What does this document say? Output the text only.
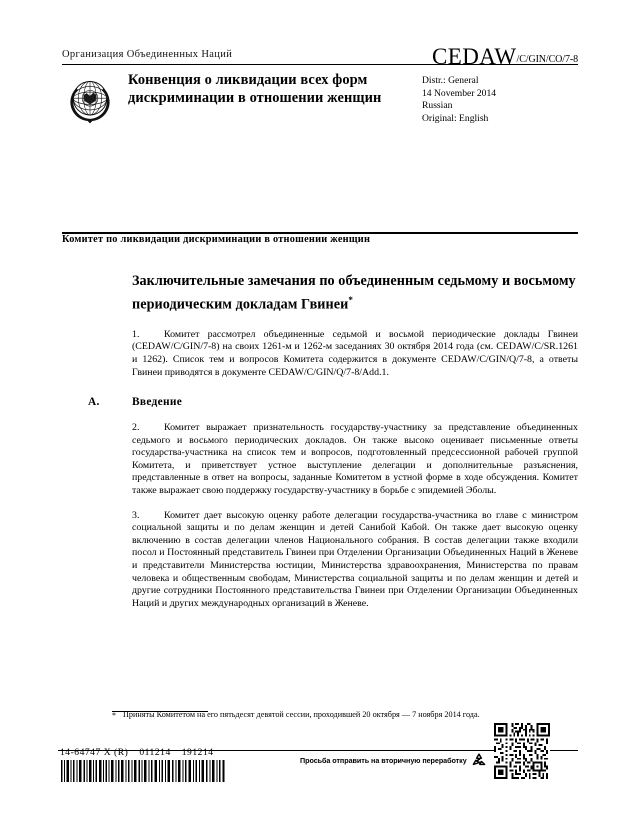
Организация Объединенных Наций	CEDAW/C/GIN/CO/7-8
Конвенция о ликвидации всех форм дискриминации в отношении женщин
Distr.: General
14 November 2014
Russian
Original: English
Комитет по ликвидации дискриминации в отношении женщин
Заключительные замечания по объединенным седьмому и восьмому периодическим докладам Гвинеи*

1. Комитет рассмотрел объединенные седьмой и восьмой периодические доклады Гвинеи (CEDAW/C/GIN/7-8) на своих 1261-м и 1262-м заседаниях 30 октября 2014 года (см. CEDAW/C/SR.1261 и 1262). Список тем и вопросов Комитета содержится в документе CEDAW/C/GIN/Q/7-8, а ответы Гвинеи приводятся в документе CEDAW/C/GIN/Q/7-8/Add.1.

A.	Введение

2. Комитет выражает признательность государству-участнику за представление объединенных седьмого и восьмого периодических докладов. Он также высоко оценивает письменные ответы государства-участника на список тем и вопросов, подготовленный предсессионной рабочей группой Комитета, и приветствует устное выступление делегации и дополнительные разъяснения, представленные в ответ на вопросы, заданные Комитетом в устной форме в ходе обсуждения. Комитет также выражает свою поддержку государству-участнику в борьбе с эпидемией Эболы.

3. Комитет дает высокую оценку работе делегации государства-участника во главе с министром социальной защиты и по делам женщин и детей Санибой Кабой. Он также дает высокую оценку включению в состав делегации членов Национального собрания. В состав делегации также входили посол и Постоянный представитель Гвинеи при Отделении Организации Объединенных Наций в Женеве и представители Министерства юстиции, Министерства здравоохранения, Министерства по правам человека и общественным свободам, Министерства социальной защиты и по делам женщин и детей и другие сотрудники Постоянного представительства Гвинеи при Отделении Организации Объединенных Наций и других международных организаций в Женеве.

* Приняты Комитетом на его пятьдесят девятой сессии, проходившей 20 октября — 7 ноября 2014 года.
14-64747 X (R) 011214 191214
Просьба отправить на вторичную переработку
